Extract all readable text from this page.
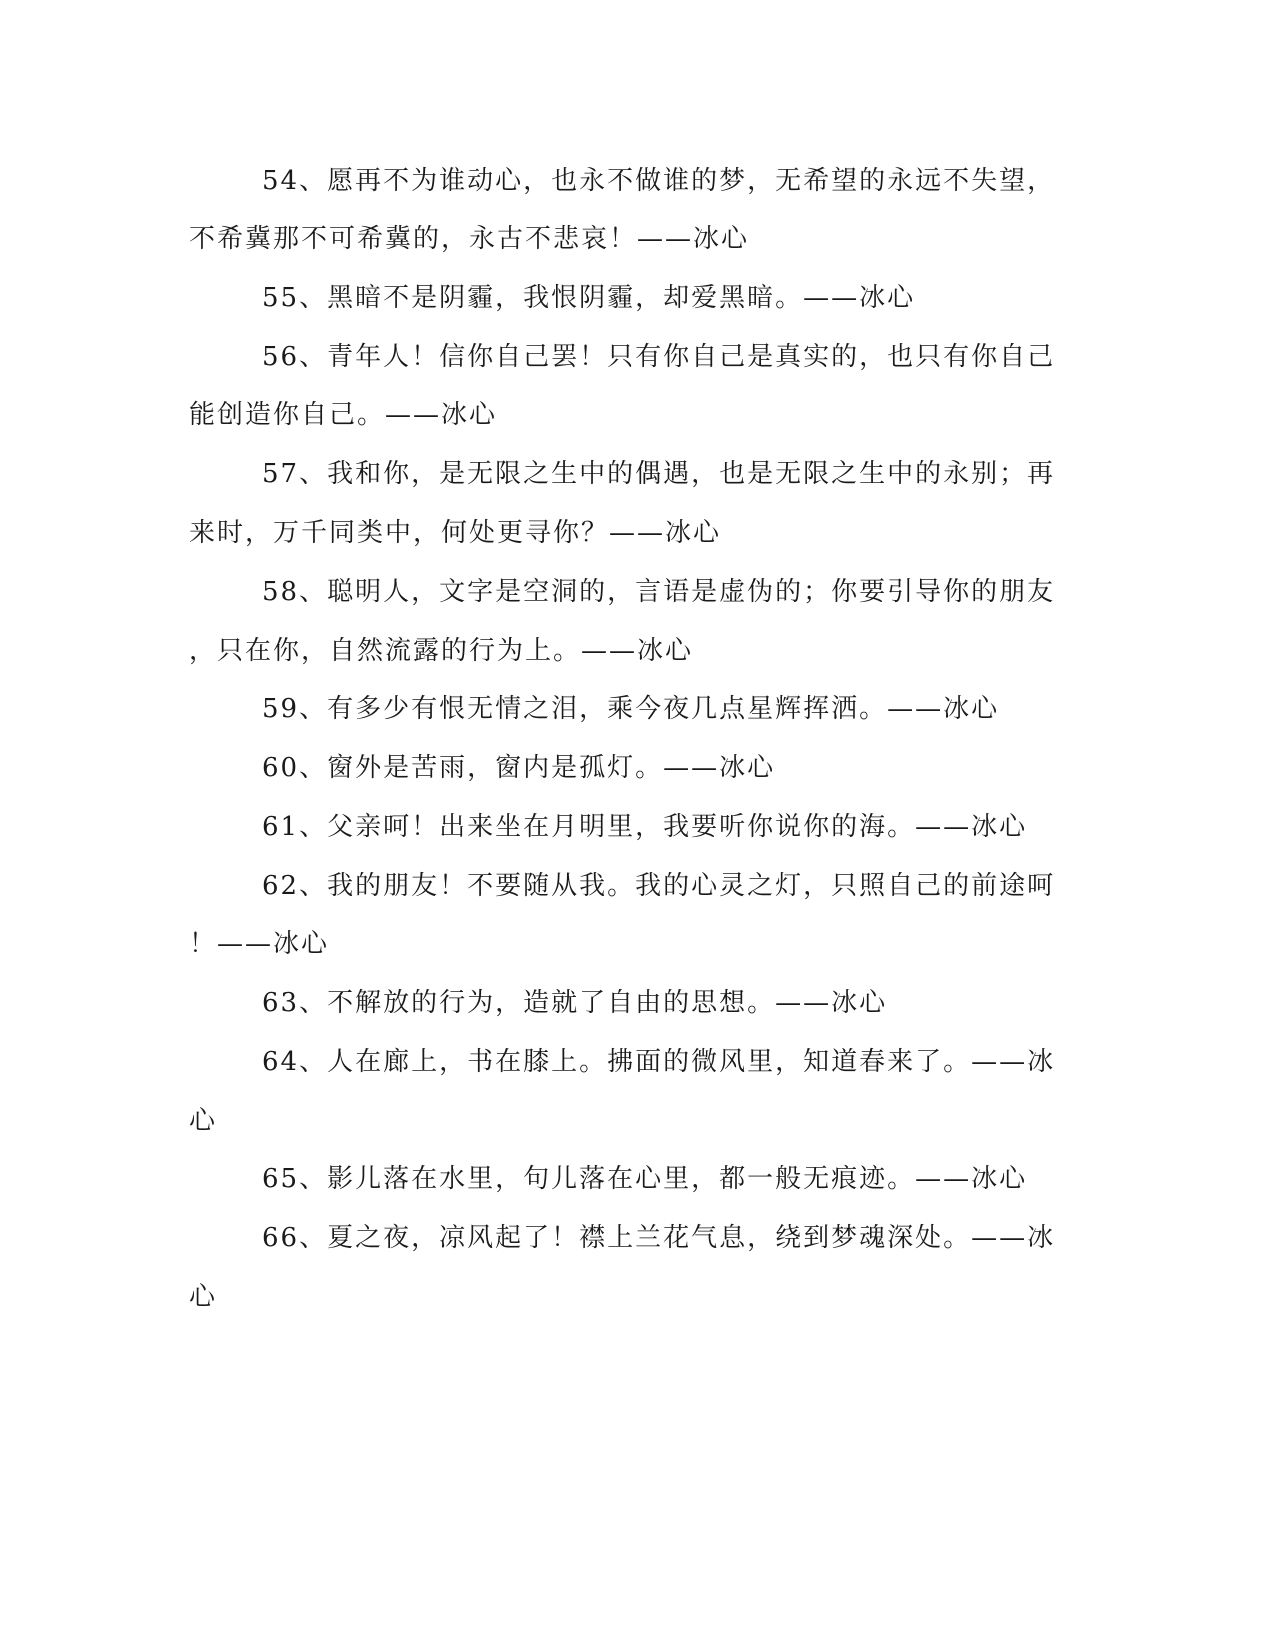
54、愿再不为谁动心，也永不做谁的梦，无希望的永远不失望，
不希冀那不可希冀的，永古不悲哀！——冰心
55、黑暗不是阴霾，我恨阴霾，却爱黑暗。——冰心
56、青年人！信你自己罢！只有你自己是真实的，也只有你自己
能创造你自己。——冰心
57、我和你，是无限之生中的偶遇，也是无限之生中的永别；再
来时，万千同类中，何处更寻你？——冰心
58、聪明人，文字是空洞的，言语是虚伪的；你要引导你的朋友
，只在你，自然流露的行为上。——冰心
59、有多少有恨无情之泪，乘今夜几点星辉挥洒。——冰心
60、窗外是苦雨，窗内是孤灯。——冰心
61、父亲呵！出来坐在月明里，我要听你说你的海。——冰心
62、我的朋友！不要随从我。我的心灵之灯，只照自己的前途呵
！——冰心
63、不解放的行为，造就了自由的思想。——冰心
64、人在廊上，书在膝上。拂面的微风里，知道春来了。——冰
心
65、影儿落在水里，句儿落在心里，都一般无痕迹。——冰心
66、夏之夜，凉风起了！襟上兰花气息，绕到梦魂深处。——冰
心
